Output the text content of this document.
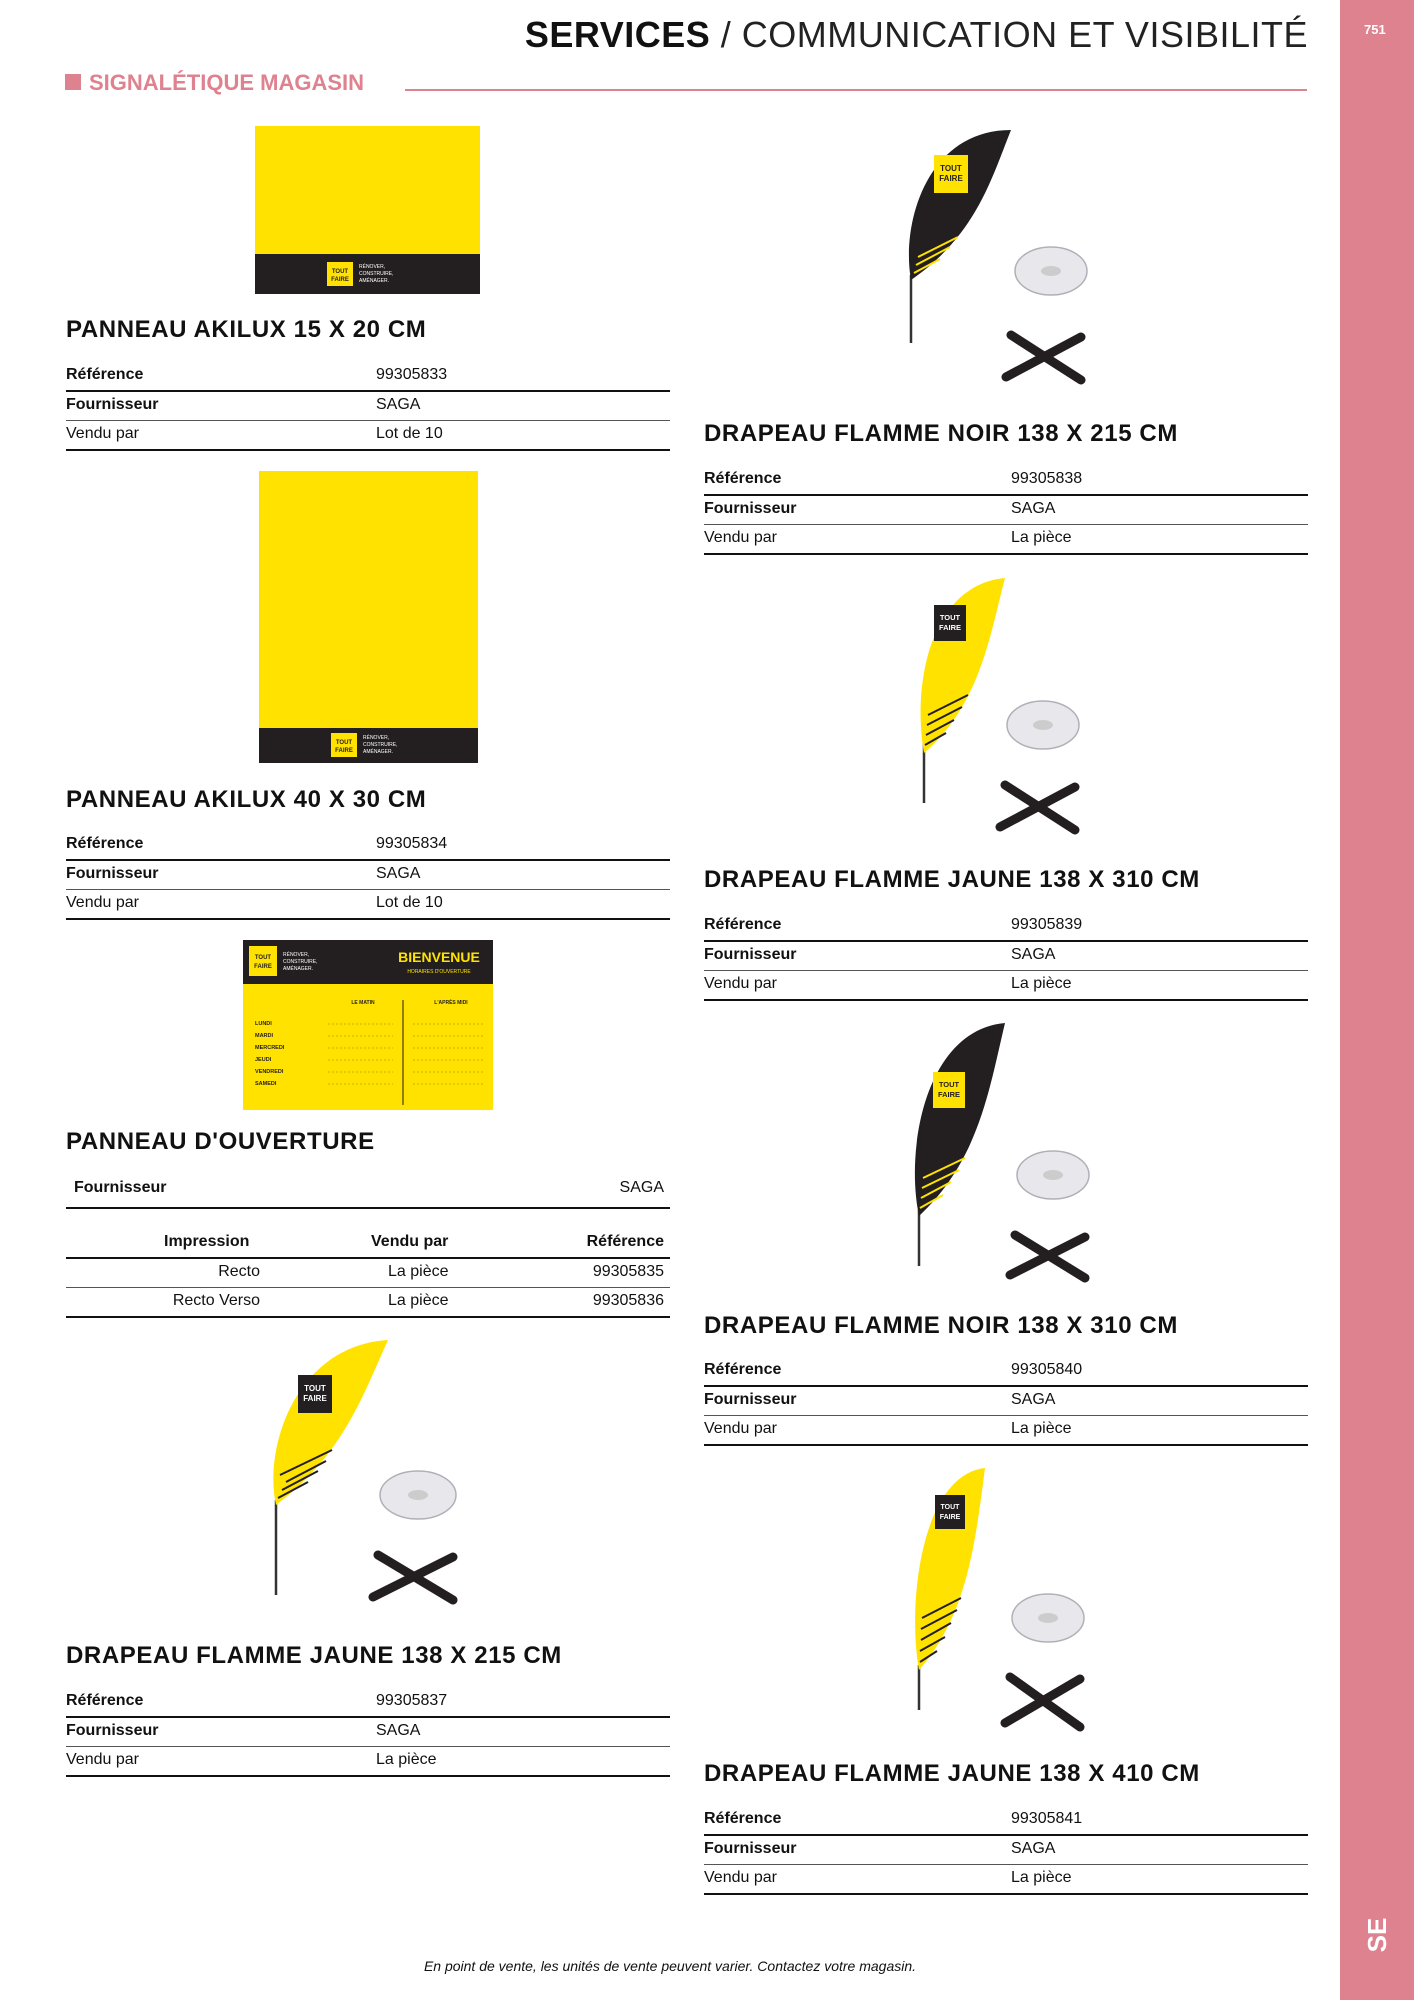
751
SE
SERVICES / COMMUNICATION ET VISIBILITÉ
SIGNALÉTIQUE MAGASIN
TOUT
FAIRE
RÉNOVER,
CONSTRUIRE,
AMÉNAGER.
PANNEAU AKILUX 15 X 20 CM
Référence	99305833
Fournisseur	SAGA
Vendu par	Lot de 10
TOUT
FAIRE
RÉNOVER,
CONSTRUIRE,
AMÉNAGER.
PANNEAU AKILUX 40 X 30 CM
Référence	99305834
Fournisseur	SAGA
Vendu par	Lot de 10
TOUT
FAIRE
RÉNOVER,
CONSTRUIRE,
AMÉNAGER.
BIENVENUE
HORAIRES D'OUVERTURE
LE MATIN	L'APRÈS MIDI
LUNDI
MARDI
MERCREDI
JEUDI
VENDREDI
SAMEDI
PANNEAU D'OUVERTURE
Fournisseur	SAGA
Impression	Vendu par	Référence
Recto	La pièce	99305835
Recto Verso	La pièce	99305836
TOUT
FAIRE
DRAPEAU FLAMME JAUNE 138 X 215 CM
Référence	99305837
Fournisseur	SAGA
Vendu par	La pièce
TOUT
FAIRE
DRAPEAU FLAMME NOIR 138 X 215 CM
Référence	99305838
Fournisseur	SAGA
Vendu par	La pièce
TOUT
FAIRE
DRAPEAU FLAMME JAUNE 138 X 310 CM
Référence	99305839
Fournisseur	SAGA
Vendu par	La pièce
TOUT
FAIRE
DRAPEAU FLAMME NOIR 138 X 310 CM
Référence	99305840
Fournisseur	SAGA
Vendu par	La pièce
TOUT
FAIRE
DRAPEAU FLAMME JAUNE 138 X 410 CM
Référence	99305841
Fournisseur	SAGA
Vendu par	La pièce
En point de vente, les unités de vente peuvent varier. Contactez votre magasin.
